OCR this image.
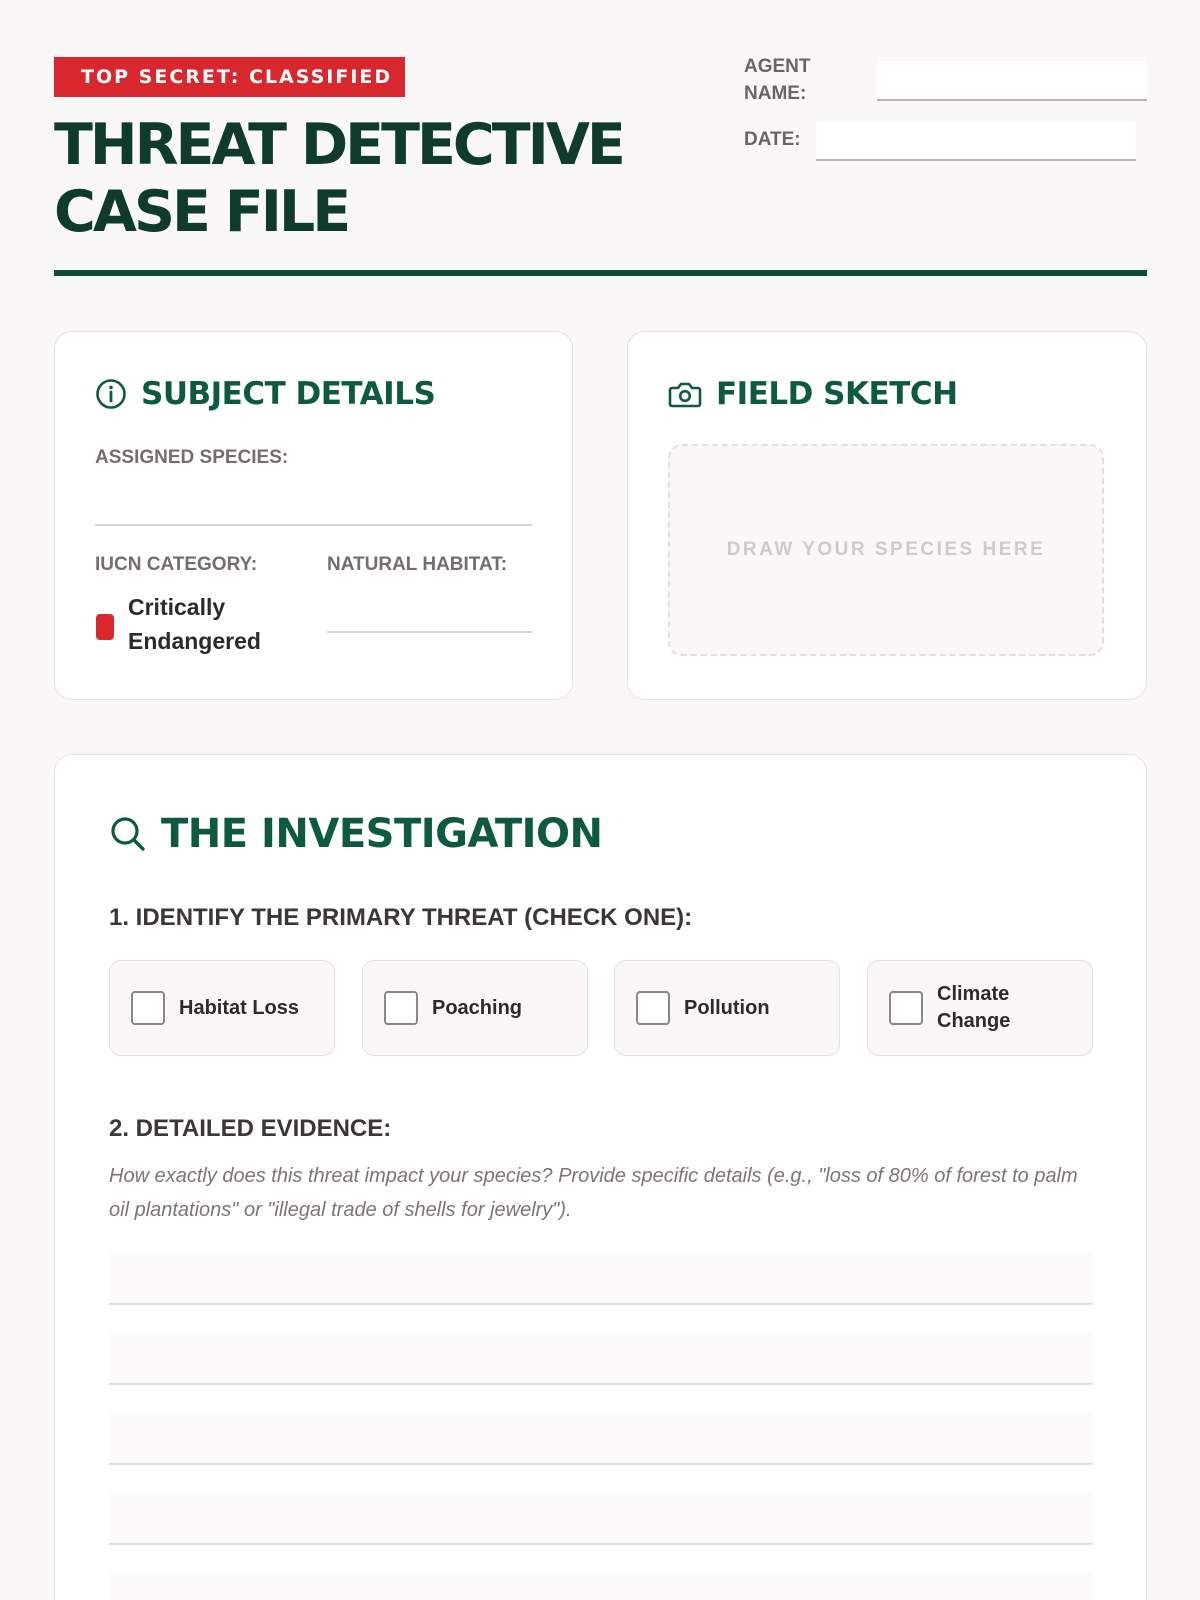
TOP SECRET: CLASSIFIED
THREAT DETECTIVE
CASE FILE
AGENT
NAME:
DATE:
SUBJECT DETAILS
ASSIGNED SPECIES:
IUCN CATEGORY:
Critically
Endangered
NATURAL HABITAT:
FIELD SKETCH
DRAW YOUR SPECIES HERE
THE INVESTIGATION
1. IDENTIFY THE PRIMARY THREAT (CHECK ONE):
Habitat Loss	Poaching	Pollution
Climate Change
2. DETAILED EVIDENCE:
How exactly does this threat impact your species? Provide specific details (e.g., "loss of 80% of forest to palm oil plantations" or "illegal trade of shells for jewelry").
